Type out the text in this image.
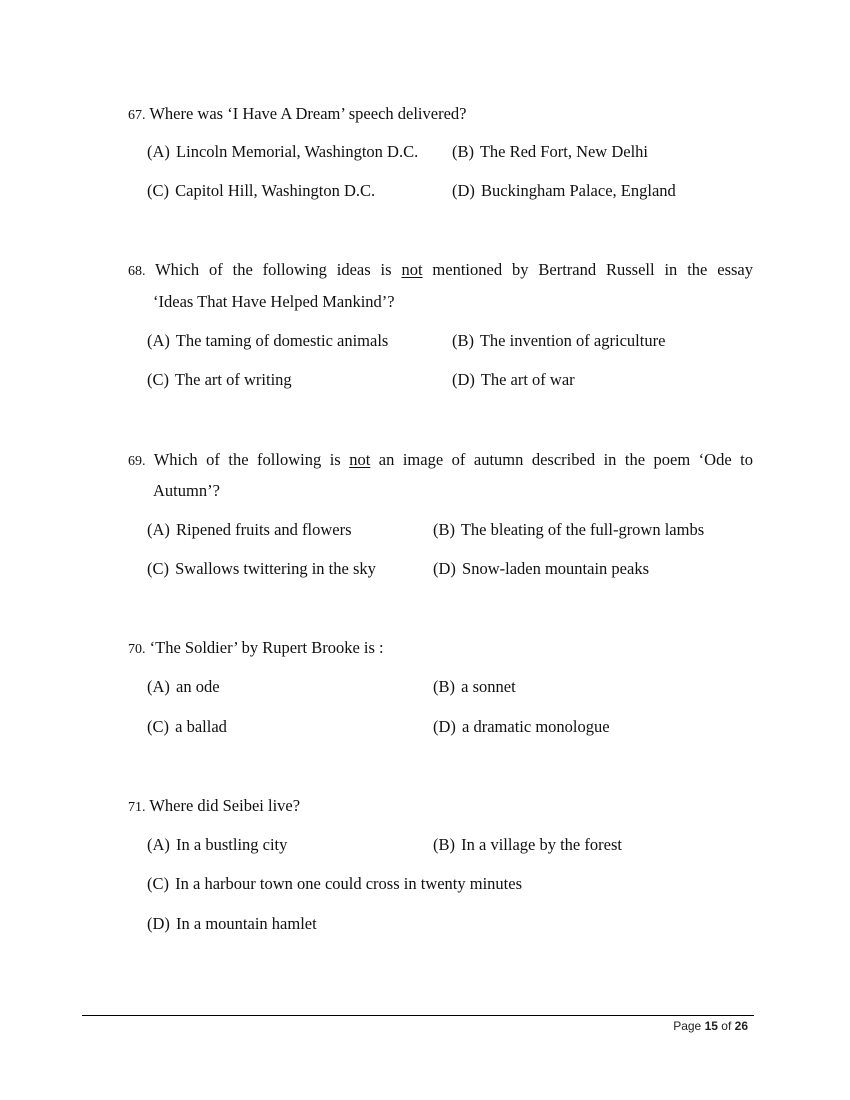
67. Where was ‘I Have A Dream’ speech delivered?
(A) Lincoln Memorial, Washington D.C. (B) The Red Fort, New Delhi
(C) Capitol Hill, Washington D.C.	(D) Buckingham Palace, England
68. Which of the following ideas is not mentioned by Bertrand Russell in the essay
‘Ideas That Have Helped Mankind’?
(A) The taming of domestic animals	(B) The invention of agriculture
(C) The art of writing	(D) The art of war
69. Which of the following is not an image of autumn described in the poem ‘Ode to
Autumn’?
(A) Ripened fruits and flowers	(B) The bleating of the full-grown lambs
(C) Swallows twittering in the sky	(D) Snow-laden mountain peaks
70. ‘The Soldier’ by Rupert Brooke is :
(A) an ode	(B) a sonnet
(C) a ballad	(D) a dramatic monologue
71. Where did Seibei live?
(A) In a bustling city	(B) In a village by the forest
(C) In a harbour town one could cross in twenty minutes
(D) In a mountain hamlet
Page 15 of 26
